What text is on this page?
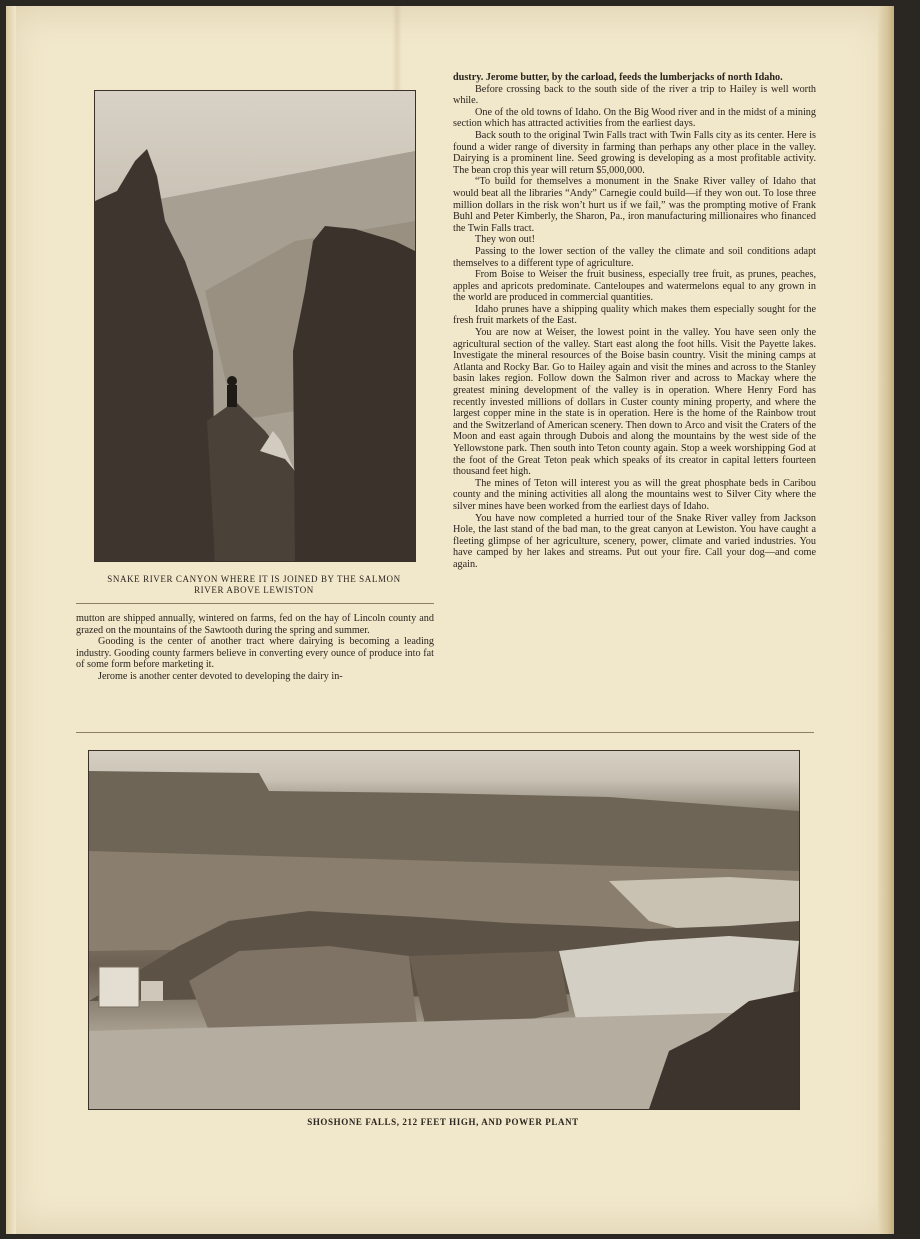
SNAKE RIVER CANYON WHERE IT IS JOINED BY THE SALMON RIVER ABOVE LEWISTON

mutton are shipped annually, wintered on farms, fed on the hay of Lincoln county and grazed on the mountains of the Sawtooth during the spring and summer.

Gooding is the center of another tract where dairying is becoming a leading industry. Gooding county farmers believe in converting every ounce of produce into fat of some form before marketing it.

Jerome is another center devoted to developing the dairy in-

dustry. Jerome butter, by the carload, feeds the lumberjacks of north Idaho.

Before crossing back to the south side of the river a trip to Hailey is well worth while.

One of the old towns of Idaho. On the Big Wood river and in the midst of a mining section which has attracted activities from the earliest days.

Back south to the original Twin Falls tract with Twin Falls city as its center. Here is found a wider range of diversity in farming than perhaps any other place in the valley. Dairying is a prominent line. Seed growing is developing as a most profitable activity. The bean crop this year will return $5,000,000.

“To build for themselves a monument in the Snake River valley of Idaho that would beat all the libraries “Andy” Carnegie could build—if they won out. To lose three million dollars in the risk won’t hurt us if we fail,” was the prompting motive of Frank Buhl and Peter Kimberly, the Sharon, Pa., iron manufacturing millionaires who financed the Twin Falls tract.

They won out!

Passing to the lower section of the valley the climate and soil conditions adapt themselves to a different type of agriculture.

From Boise to Weiser the fruit business, especially tree fruit, as prunes, peaches, apples and apricots predominate. Canteloupes and watermelons equal to any grown in the world are produced in commercial quantities.

Idaho prunes have a shipping quality which makes them especially sought for the fresh fruit markets of the East.

You are now at Weiser, the lowest point in the valley. You have seen only the agricultural section of the valley. Start east along the foot hills. Visit the Payette lakes. Investigate the mineral resources of the Boise basin country. Visit the mining camps at Atlanta and Rocky Bar. Go to Hailey again and visit the mines and across to the Stanley basin lakes region. Follow down the Salmon river and across to Mackay where the greatest mining development of the valley is in operation. Where Henry Ford has recently invested millions of dollars in Custer county mining property, and where the largest copper mine in the state is in operation. Here is the home of the Rainbow trout and the Switzerland of American scenery. Then down to Arco and visit the Craters of the Moon and east again through Dubois and along the mountains by the west side of the Yellowstone park. Then south into Teton county again. Stop a week worshipping God at the foot of the Great Teton peak which speaks of its creator in capital letters fourteen thousand feet high.

The mines of Teton will interest you as will the great phosphate beds in Caribou county and the mining activities all along the mountains west to Silver City where the silver mines have been worked from the earliest days of Idaho.

You have now completed a hurried tour of the Snake River valley from Jackson Hole, the last stand of the bad man, to the great canyon at Lewiston. You have caught a fleeting glimpse of her agriculture, scenery, power, climate and varied industries. You have camped by her lakes and streams. Put out your fire. Call your dog—and come again.

SHOSHONE FALLS, 212 FEET HIGH, AND POWER PLANT
